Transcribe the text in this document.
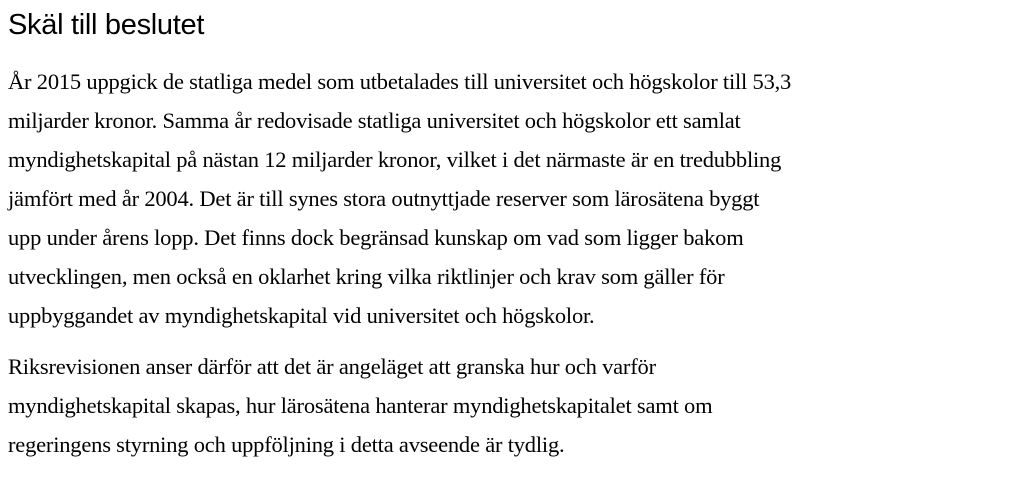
Skäl till beslutet

År 2015 uppgick de statliga medel som utbetalades till universitet och högskolor till 53,3
miljarder kronor. Samma år redovisade statliga universitet och högskolor ett samlat
myndighetskapital på nästan 12 miljarder kronor, vilket i det närmaste är en tredubbling
jämfört med år 2004. Det är till synes stora outnyttjade reserver som lärosätena byggt
upp under årens lopp. Det finns dock begränsad kunskap om vad som ligger bakom
utvecklingen, men också en oklarhet kring vilka riktlinjer och krav som gäller för
uppbyggandet av myndighetskapital vid universitet och högskolor.

Riksrevisionen anser därför att det är angeläget att granska hur och varför
myndighetskapital skapas, hur lärosätena hanterar myndighetskapitalet samt om
regeringens styrning och uppföljning i detta avseende är tydlig.
